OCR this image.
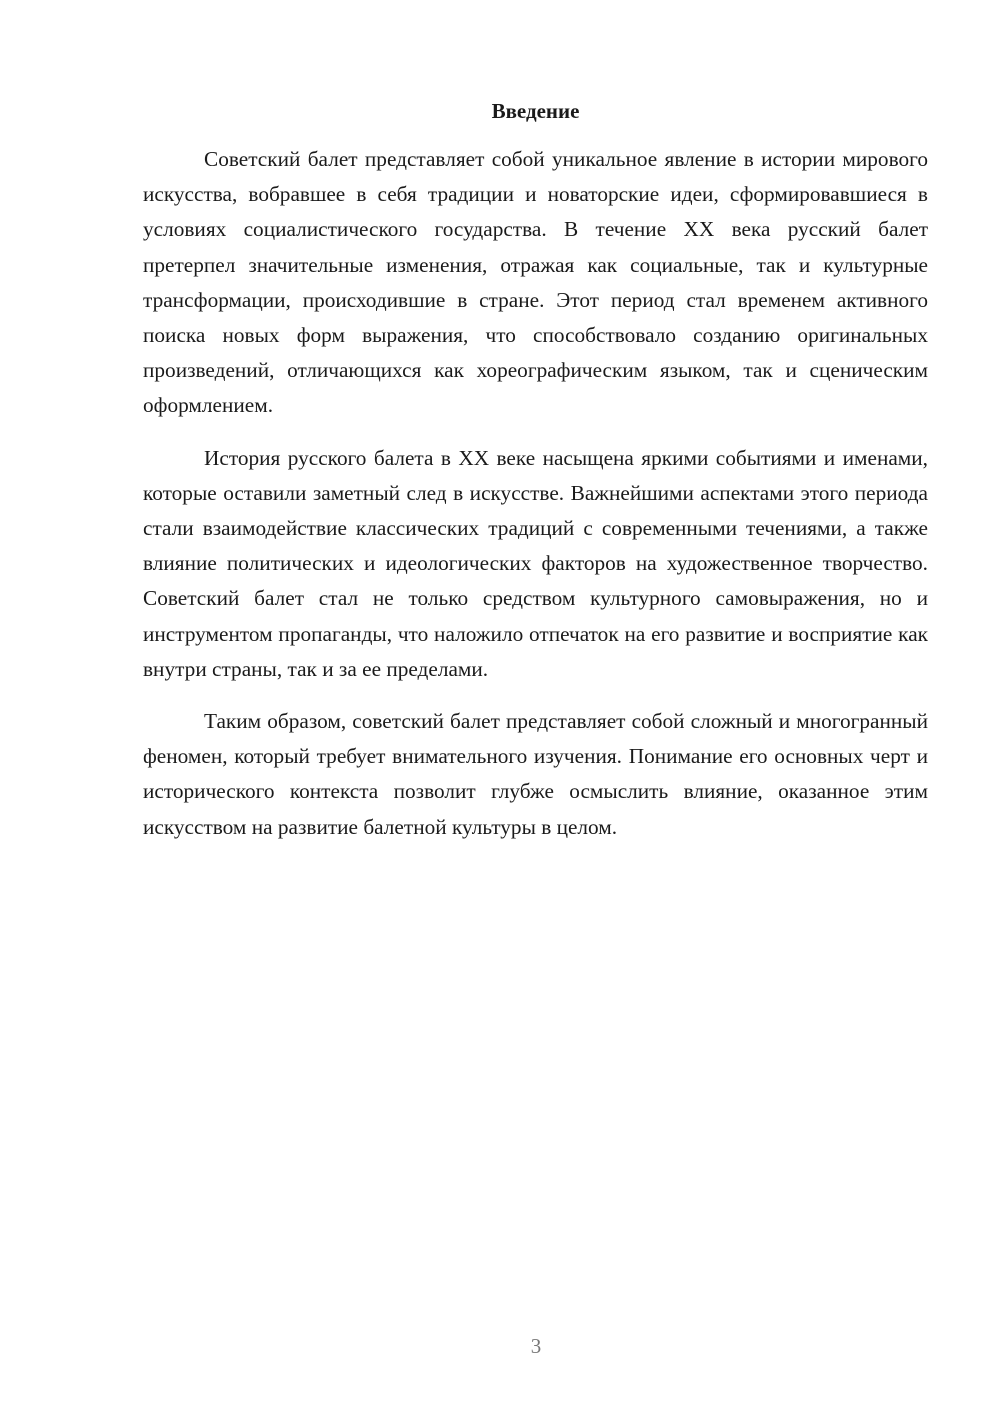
Введение

Советский балет представляет собой уникальное явление в истории мирового искусства, вобравшее в себя традиции и новаторские идеи, сформировавшиеся в условиях социалистического государства. В течение XX века русский балет претерпел значительные изменения, отражая как социальные, так и культурные трансформации, происходившие в стране. Этот период стал временем активного поиска новых форм выражения, что способствовало созданию оригинальных произведений, отличающихся как хореографическим языком, так и сценическим оформлением.

История русского балета в XX веке насыщена яркими событиями и именами, которые оставили заметный след в искусстве. Важнейшими аспектами этого периода стали взаимодействие классических традиций с современными течениями, а также влияние политических и идеологических факторов на художественное творчество. Советский балет стал не только средством культурного самовыражения, но и инструментом пропаганды, что наложило отпечаток на его развитие и восприятие как внутри страны, так и за ее пределами.

Таким образом, советский балет представляет собой сложный и многогранный феномен, который требует внимательного изучения. Понимание его основных черт и исторического контекста позволит глубже осмыслить влияние, оказанное этим искусством на развитие балетной культуры в целом.

3
